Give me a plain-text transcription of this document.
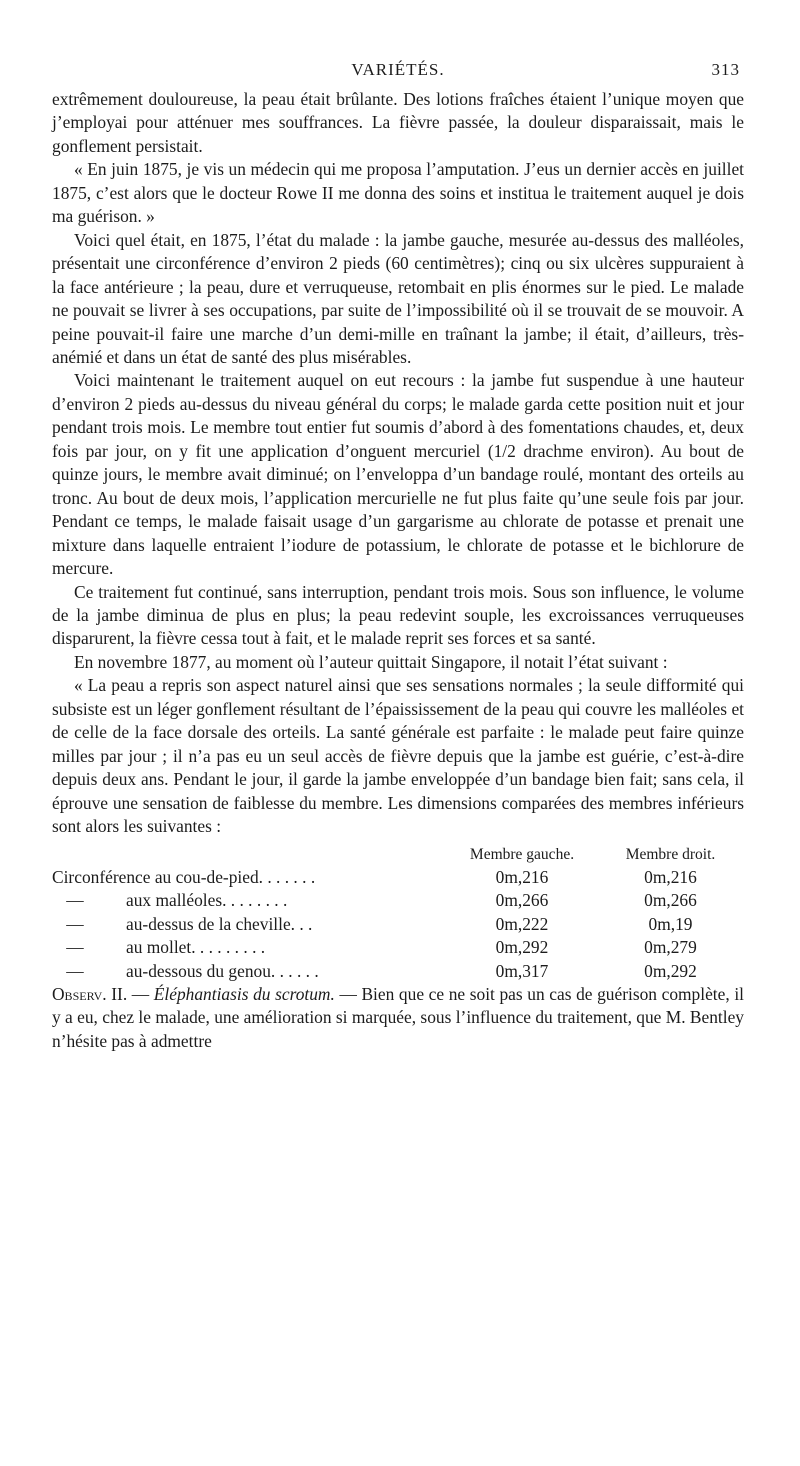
VARIÉTÉS.	313

extrêmement douloureuse, la peau était brûlante. Des lotions fraîches étaient l’unique moyen que j’employai pour atténuer mes souffrances. La fièvre passée, la douleur disparaissait, mais le gonflement persistait.

« En juin 1875, je vis un médecin qui me proposa l’amputation. J’eus un dernier accès en juillet 1875, c’est alors que le docteur Rowe II me donna des soins et institua le traitement auquel je dois ma guérison. »

Voici quel était, en 1875, l’état du malade : la jambe gauche, mesurée au-dessus des malléoles, présentait une circonférence d’environ 2 pieds (60 centimètres); cinq ou six ulcères suppuraient à la face antérieure ; la peau, dure et verruqueuse, retombait en plis énormes sur le pied. Le malade ne pouvait se livrer à ses occupations, par suite de l’impossibilité où il se trouvait de se mouvoir. A peine pouvait-il faire une marche d’un demi-mille en traînant la jambe; il était, d’ailleurs, très-anémié et dans un état de santé des plus misérables.

Voici maintenant le traitement auquel on eut recours : la jambe fut suspendue à une hauteur d’environ 2 pieds au-dessus du niveau général du corps; le malade garda cette position nuit et jour pendant trois mois. Le membre tout entier fut soumis d’abord à des fomentations chaudes, et, deux fois par jour, on y fit une application d’onguent mercuriel (1/2 drachme environ). Au bout de quinze jours, le membre avait diminué; on l’enveloppa d’un bandage roulé, montant des orteils au tronc. Au bout de deux mois, l’application mercurielle ne fut plus faite qu’une seule fois par jour. Pendant ce temps, le malade faisait usage d’un gargarisme au chlorate de potasse et prenait une mixture dans laquelle entraient l’iodure de potassium, le chlorate de potasse et le bichlorure de mercure.

Ce traitement fut continué, sans interruption, pendant trois mois. Sous son influence, le volume de la jambe diminua de plus en plus; la peau redevint souple, les excroissances verruqueuses disparurent, la fièvre cessa tout à fait, et le malade reprit ses forces et sa santé.

En novembre 1877, au moment où l’auteur quittait Singapore, il notait l’état suivant :

« La peau a repris son aspect naturel ainsi que ses sensations normales ; la seule difformité qui subsiste est un léger gonflement résultant de l’épaississement de la peau qui couvre les malléoles et de celle de la face dorsale des orteils. La santé générale est parfaite : le malade peut faire quinze milles par jour ; il n’a pas eu un seul accès de fièvre depuis que la jambe est guérie, c’est-à-dire depuis deux ans. Pendant le jour, il garde la jambe enveloppée d’un bandage bien fait; sans cela, il éprouve une sensation de faiblesse du membre. Les dimensions comparées des membres inférieurs sont alors les suivantes :

	Membre gauche.	Membre droit.
Circonférence au cou-de-pied. . . . . . .	0m,216	0m,216
— aux malléoles. . . . . . . .	0m,266	0m,266
— au-dessus de la cheville. . .	0m,222	0m,19
— au mollet. . . . . . . . .	0m,292	0m,279
— au-dessous du genou. . . . . .	0m,317	0m,292

Observ. II. — Éléphantiasis du scrotum. — Bien que ce ne soit pas un cas de guérison complète, il y a eu, chez le malade, une amélioration si marquée, sous l’influence du traitement, que M. Bentley n’hésite pas à admettre
